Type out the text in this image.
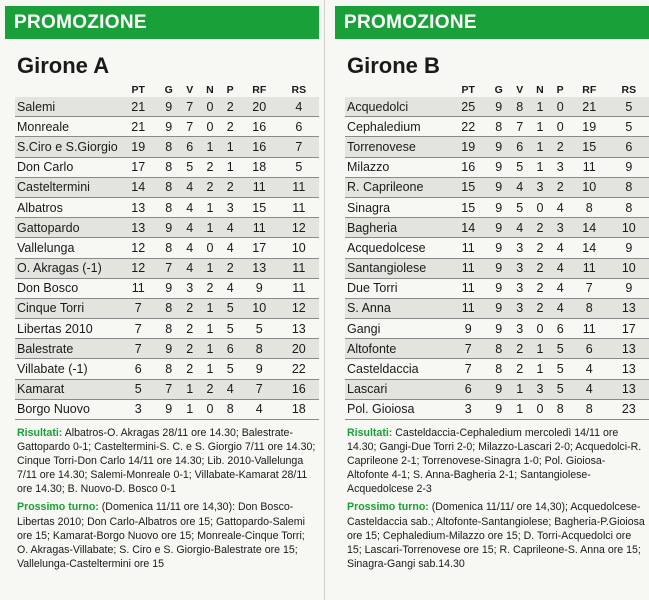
PROMOZIONE
Girone A
	PT	G	V	N	P	RF	RS
Salemi	21	9	7	0	2	20	4
Monreale	21	9	7	0	2	16	6
S.Ciro e S.Giorgio	19	8	6	1	1	16	7
Don Carlo	17	8	5	2	1	18	5
Casteltermini	14	8	4	2	2	11	11
Albatros	13	8	4	1	3	15	11
Gattopardo	13	9	4	1	4	11	12
Vallelunga	12	8	4	0	4	17	10
O. Akragas (-1)	12	7	4	1	2	13	11
Don Bosco	11	9	3	2	4	9	11
Cinque Torri	7	8	2	1	5	10	12
Libertas 2010	7	8	2	1	5	5	13
Balestrate	7	9	2	1	6	8	20
Villabate (-1)	6	8	2	1	5	9	22
Kamarat	5	7	1	2	4	7	16
Borgo Nuovo	3	9	1	0	8	4	18

Risultati: Albatros-O. Akragas 28/11 ore 14.30; Balestrate-Gattopardo 0-1; Casteltermini-S. C. e S. Giorgio 7/11 ore 14.30; Cinque Torri-Don Carlo 14/11 ore 14.30; Lib. 2010-Vallelunga 7/11 ore 14.30; Salemi-Monreale 0-1; Villabate-Kamarat 28/11 ore 14.30; B. Nuovo-D. Bosco 0-1

Prossimo turno: (Domenica 11/11 ore 14,30): Don Bosco-Libertas 2010; Don Carlo-Albatros ore 15; Gattopardo-Salemi ore 15; Kamarat-Borgo Nuovo ore 15; Monreale-Cinque Torri; O. Akragas-Villabate; S. Ciro e S. Giorgio-Balestrate ore 15; Vallelunga-Casteltermini ore 15

PROMOZIONE
Girone B
	PT	G	V	N	P	RF	RS
Acquedolci	25	9	8	1	0	21	5
Cephaledium	22	8	7	1	0	19	5
Torrenovese	19	9	6	1	2	15	6
Milazzo	16	9	5	1	3	11	9
R. Caprileone	15	9	4	3	2	10	8
Sinagra	15	9	5	0	4	8	8
Bagheria	14	9	4	2	3	14	10
Acquedolcese	11	9	3	2	4	14	9
Santangiolese	11	9	3	2	4	11	10
Due Torri	11	9	3	2	4	7	9
S. Anna	11	9	3	2	4	8	13
Gangi	9	9	3	0	6	11	17
Altofonte	7	8	2	1	5	6	13
Casteldaccia	7	8	2	1	5	4	13
Lascari	6	9	1	3	5	4	13
Pol. Gioiosa	3	9	1	0	8	8	23

Risultati: Casteldaccia-Cephaledium mercoledì 14/11 ore 14.30; Gangi-Due Torri 2-0; Milazzo-Lascari 2-0; Acquedolci-R. Caprileone 2-1; Torrenovese-Sinagra 1-0; Pol. Gioiosa-Altofonte 4-1; S. Anna-Bagheria 2-1; Santangiolese-Acquedolcese 2-3

Prossimo turno: (Domenica 11/11/ ore 14,30); Acquedolcese-Casteldaccia sab.; Altofonte-Santangiolese; Bagheria-P.Gioiosa ore 15; Cephaledium-Milazzo ore 15; D. Torri-Acquedolci ore 15; Lascari-Torrenovese ore 15; R. Caprileone-S. Anna ore 15; Sinagra-Gangi sab.14.30
